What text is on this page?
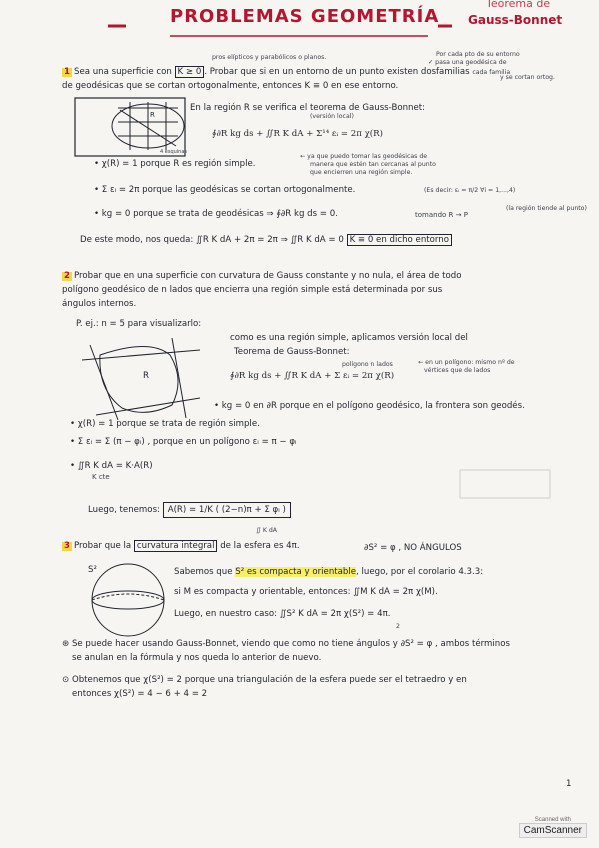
PROBLEMAS GEOMETRÍA
Teorema de
Gauss-Bonnet
pros elípticos y parabólicos o planos.	Por cada pto de su entorno
✓ pasa una geodésica de
y se cortan ortog.
1 Sea una superficie con K ≥ 0 . Probar que si en un entorno de un punto existen dos familias cada familia
de geodésicas que se cortan ortogonalmente, entonces K ≡ 0 en ese entorno.
R
4 esquinas
En la región R se verifica el teorema de Gauss-Bonnet:
(versión local)
∮∂R kg ds + ∬R K dA + Σ¹⁴ εᵢ = 2π χ(R)
• χ(R) = 1 porque R es región simple.
← ya que puedo tomar las geodésicas de
manera que estén tan cercanas al punto
que encierren una región simple.
• Σ εᵢ = 2π porque las geodésicas se cortan ortogonalmente.	(Es decir: εᵢ = π/2 ∀i = 1,...,4)
• kg = 0 porque se trata de geodésicas ⇒ ∮∂R kg ds = 0.	tomando R → P
(la región tiende al punto)
De este modo, nos queda: ∬R K dA + 2π = 2π ⇒ ∬R K dA = 0 K ≡ 0 en dicho entorno
2 Probar que en una superficie con curvatura de Gauss constante y no nula, el área de todo
polígono geodésico de n lados que encierra una región simple está determinada por sus
ángulos internos.
P. ej.: n = 5 para visualizarlo:
R
como es una región simple, aplicamos versión local del
Teorema de Gauss-Bonnet:
polígono n lados
∮∂R kg ds + ∬R K dA + Σ εᵢ = 2π χ(R)
← en un polígono: mismo nº de
vértices que de lados
• kg = 0 en ∂R porque en el polígono geodésico, la frontera son geodés.
• χ(R) = 1 porque se trata de región simple.
• Σ εᵢ = Σ (π − φᵢ) , porque en un polígono εᵢ = π − φᵢ
• ∬R K dA = K·A(R)
K cte
Luego, tenemos: A(R) = 1/K ( (2−n)π + Σ φᵢ )
3 Probar que la curvatura integral de la esfera es 4π.	∂S² = φ , NO ÁNGULOS
∬ K dA
S²	Sabemos que S² es compacta y orientable, luego, por el corolario 4.3.3:
si M es compacta y orientable, entonces: ∬M K dA = 2π χ(M).
Luego, en nuestro caso: ∬S² K dA = 2π χ(S²) = 4π.
2
⊛ Se puede hacer usando Gauss-Bonnet, viendo que como no tiene ángulos y ∂S² = φ , ambos términos
se anulan en la fórmula y nos queda lo anterior de nuevo.
⊙ Obtenemos que χ(S²) = 2 porque una triangulación de la esfera puede ser el tetraedro y en
entonces χ(S²) = 4 − 6 + 4 = 2
1
Scanned with
CamScanner
